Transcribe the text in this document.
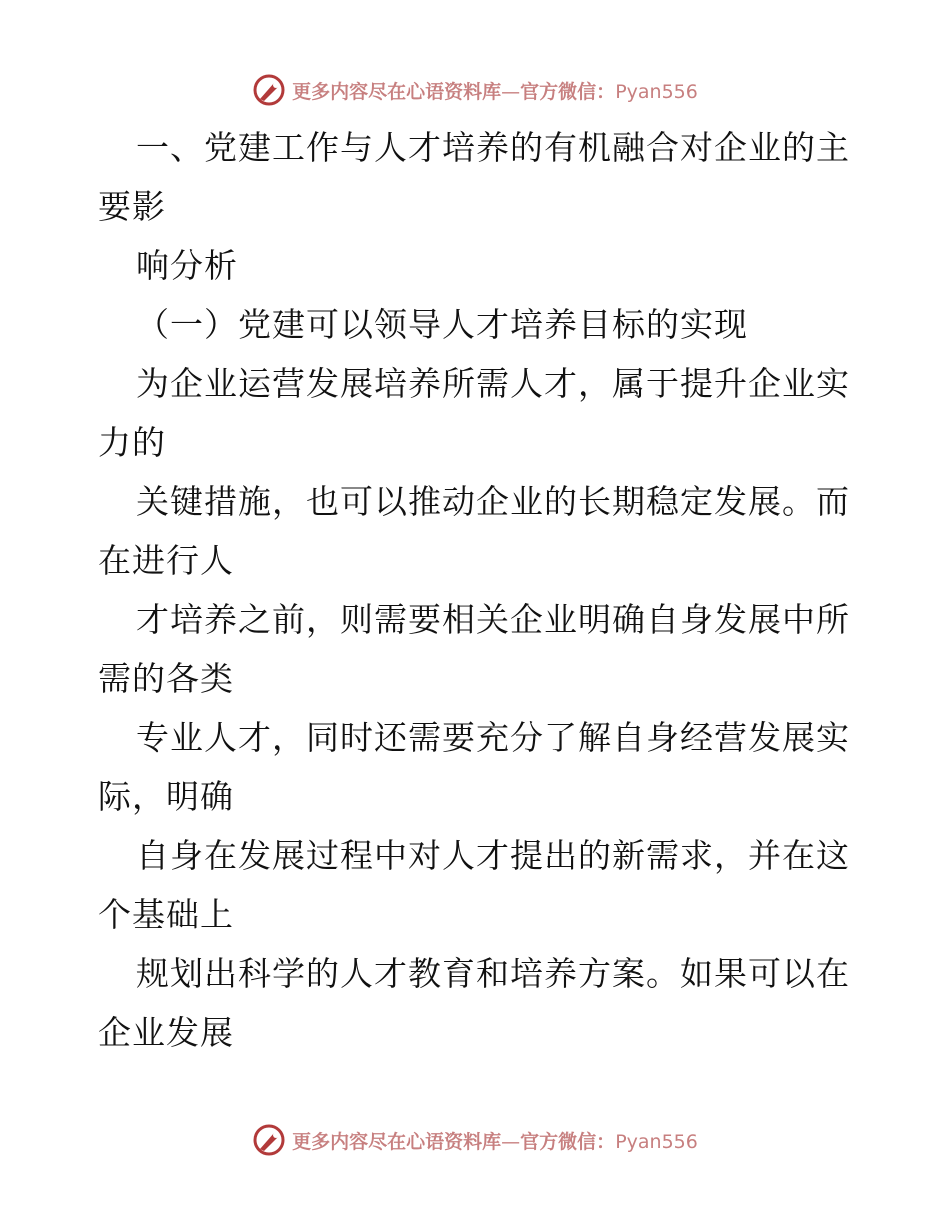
更多内容尽在心语资料库—官方微信：Pyan556
一、党建工作与人才培养的有机融合对企业的主
要影
响分析
（一）党建可以领导人才培养目标的实现
为企业运营发展培养所需人才，属于提升企业实
力的
关键措施，也可以推动企业的长期稳定发展。而
在进行人
才培养之前，则需要相关企业明确自身发展中所
需的各类
专业人才，同时还需要充分了解自身经营发展实
际，明确
自身在发展过程中对人才提出的新需求，并在这
个基础上
规划出科学的人才教育和培养方案。如果可以在
企业发展
更多内容尽在心语资料库—官方微信：Pyan556
